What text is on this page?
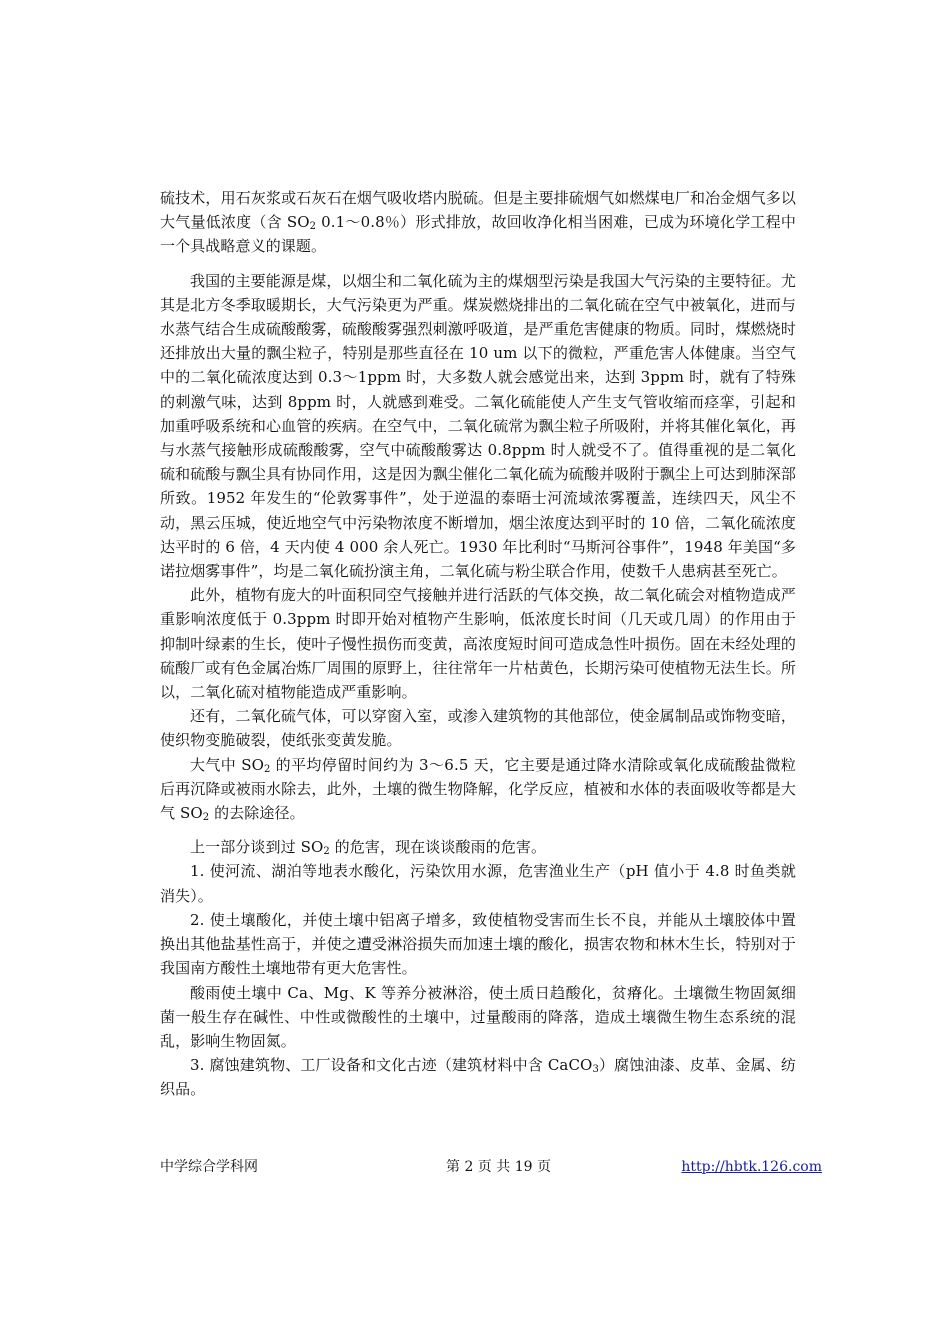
硫技术，用石灰浆或石灰石在烟气吸收塔内脱硫。但是主要排硫烟气如燃煤电厂和冶金烟气多以大气量低浓度（含 $SO_2$ 0.1～0.8％）形式排放，故回收净化相当困难，已成为环境化学工程中一个具战略意义的课题。

我国的主要能源是煤，以烟尘和二氧化硫为主的煤烟型污染是我国大气污染的主要特征。尤其是北方冬季取暖期长，大气污染更为严重。煤炭燃烧排出的二氧化硫在空气中被氧化，进而与水蒸气结合生成硫酸酸雾，硫酸酸雾强烈刺激呼吸道，是严重危害健康的物质。同时，煤燃烧时还排放出大量的飘尘粒子，特别是那些直径在 10 um 以下的微粒，严重危害人体健康。当空气中的二氧化硫浓度达到 0.3～1ppm 时，大多数人就会感觉出来，达到 3ppm 时，就有了特殊的刺激气味，达到 8ppm 时，人就感到难受。二氧化硫能使人产生支气管收缩而痉挛，引起和加重呼吸系统和心血管的疾病。在空气中，二氧化硫常为飘尘粒子所吸附，并将其催化氧化，再与水蒸气接触形成硫酸酸雾，空气中硫酸酸雾达 0.8ppm 时人就受不了。值得重视的是二氧化硫和硫酸与飘尘具有协同作用，这是因为飘尘催化二氧化硫为硫酸并吸附于飘尘上可达到肺深部所致。1952 年发生的“伦敦雾事件”，处于逆温的泰晤士河流域浓雾覆盖，连续四天，风尘不动，黑云压城，使近地空气中污染物浓度不断增加，烟尘浓度达到平时的 10 倍，二氧化硫浓度达平时的 6 倍，4 天内使 4 000 余人死亡。1930 年比利时“马斯河谷事件”，1948 年美国“多诺拉烟雾事件”，均是二氧化硫扮演主角，二氧化硫与粉尘联合作用，使数千人患病甚至死亡。

此外，植物有庞大的叶面积同空气接触并进行活跃的气体交换，故二氧化硫会对植物造成严重影响浓度低于 0.3ppm 时即开始对植物产生影响，低浓度长时间（几天或几周）的作用由于抑制叶绿素的生长，使叶子慢性损伤而变黄，高浓度短时间可造成急性叶损伤。固在未经处理的硫酸厂或有色金属冶炼厂周围的原野上，往往常年一片枯黄色，长期污染可使植物无法生长。所以，二氧化硫对植物能造成严重影响。

还有，二氧化硫气体，可以穿窗入室，或渗入建筑物的其他部位，使金属制品或饰物变暗，使织物变脆破裂，使纸张变黄发脆。

大气中 $SO_2$ 的平均停留时间约为 3～6.5 天，它主要是通过降水清除或氧化成硫酸盐微粒后再沉降或被雨水除去，此外，土壤的微生物降解，化学反应，植被和水体的表面吸收等都是大气 $SO_2$ 的去除途径。

上一部分谈到过 $SO_2$ 的危害，现在谈谈酸雨的危害。

1. 使河流、湖泊等地表水酸化，污染饮用水源，危害渔业生产（pH 值小于 4.8 时鱼类就消失）。

2. 使土壤酸化，并使土壤中铝离子增多，致使植物受害而生长不良，并能从土壤胶体中置换出其他盐基性高于，并使之遭受淋浴损失而加速土壤的酸化，损害农物和林木生长，特别对于我国南方酸性土壤地带有更大危害性。

酸雨使土壤中 Ca、Mg、K 等养分被淋浴，使土质日趋酸化，贫瘠化。土壤微生物固氮细菌一般生存在碱性、中性或微酸性的土壤中，过量酸雨的降落，造成土壤微生物生态系统的混乱，影响生物固氮。

3. 腐蚀建筑物、工厂设备和文化古迹（建筑材料中含 CaCO$_3$）腐蚀油漆、皮革、金属、纺织品。

中学综合学科网	第 2 页 共 19 页	http://hbtk.126.com
